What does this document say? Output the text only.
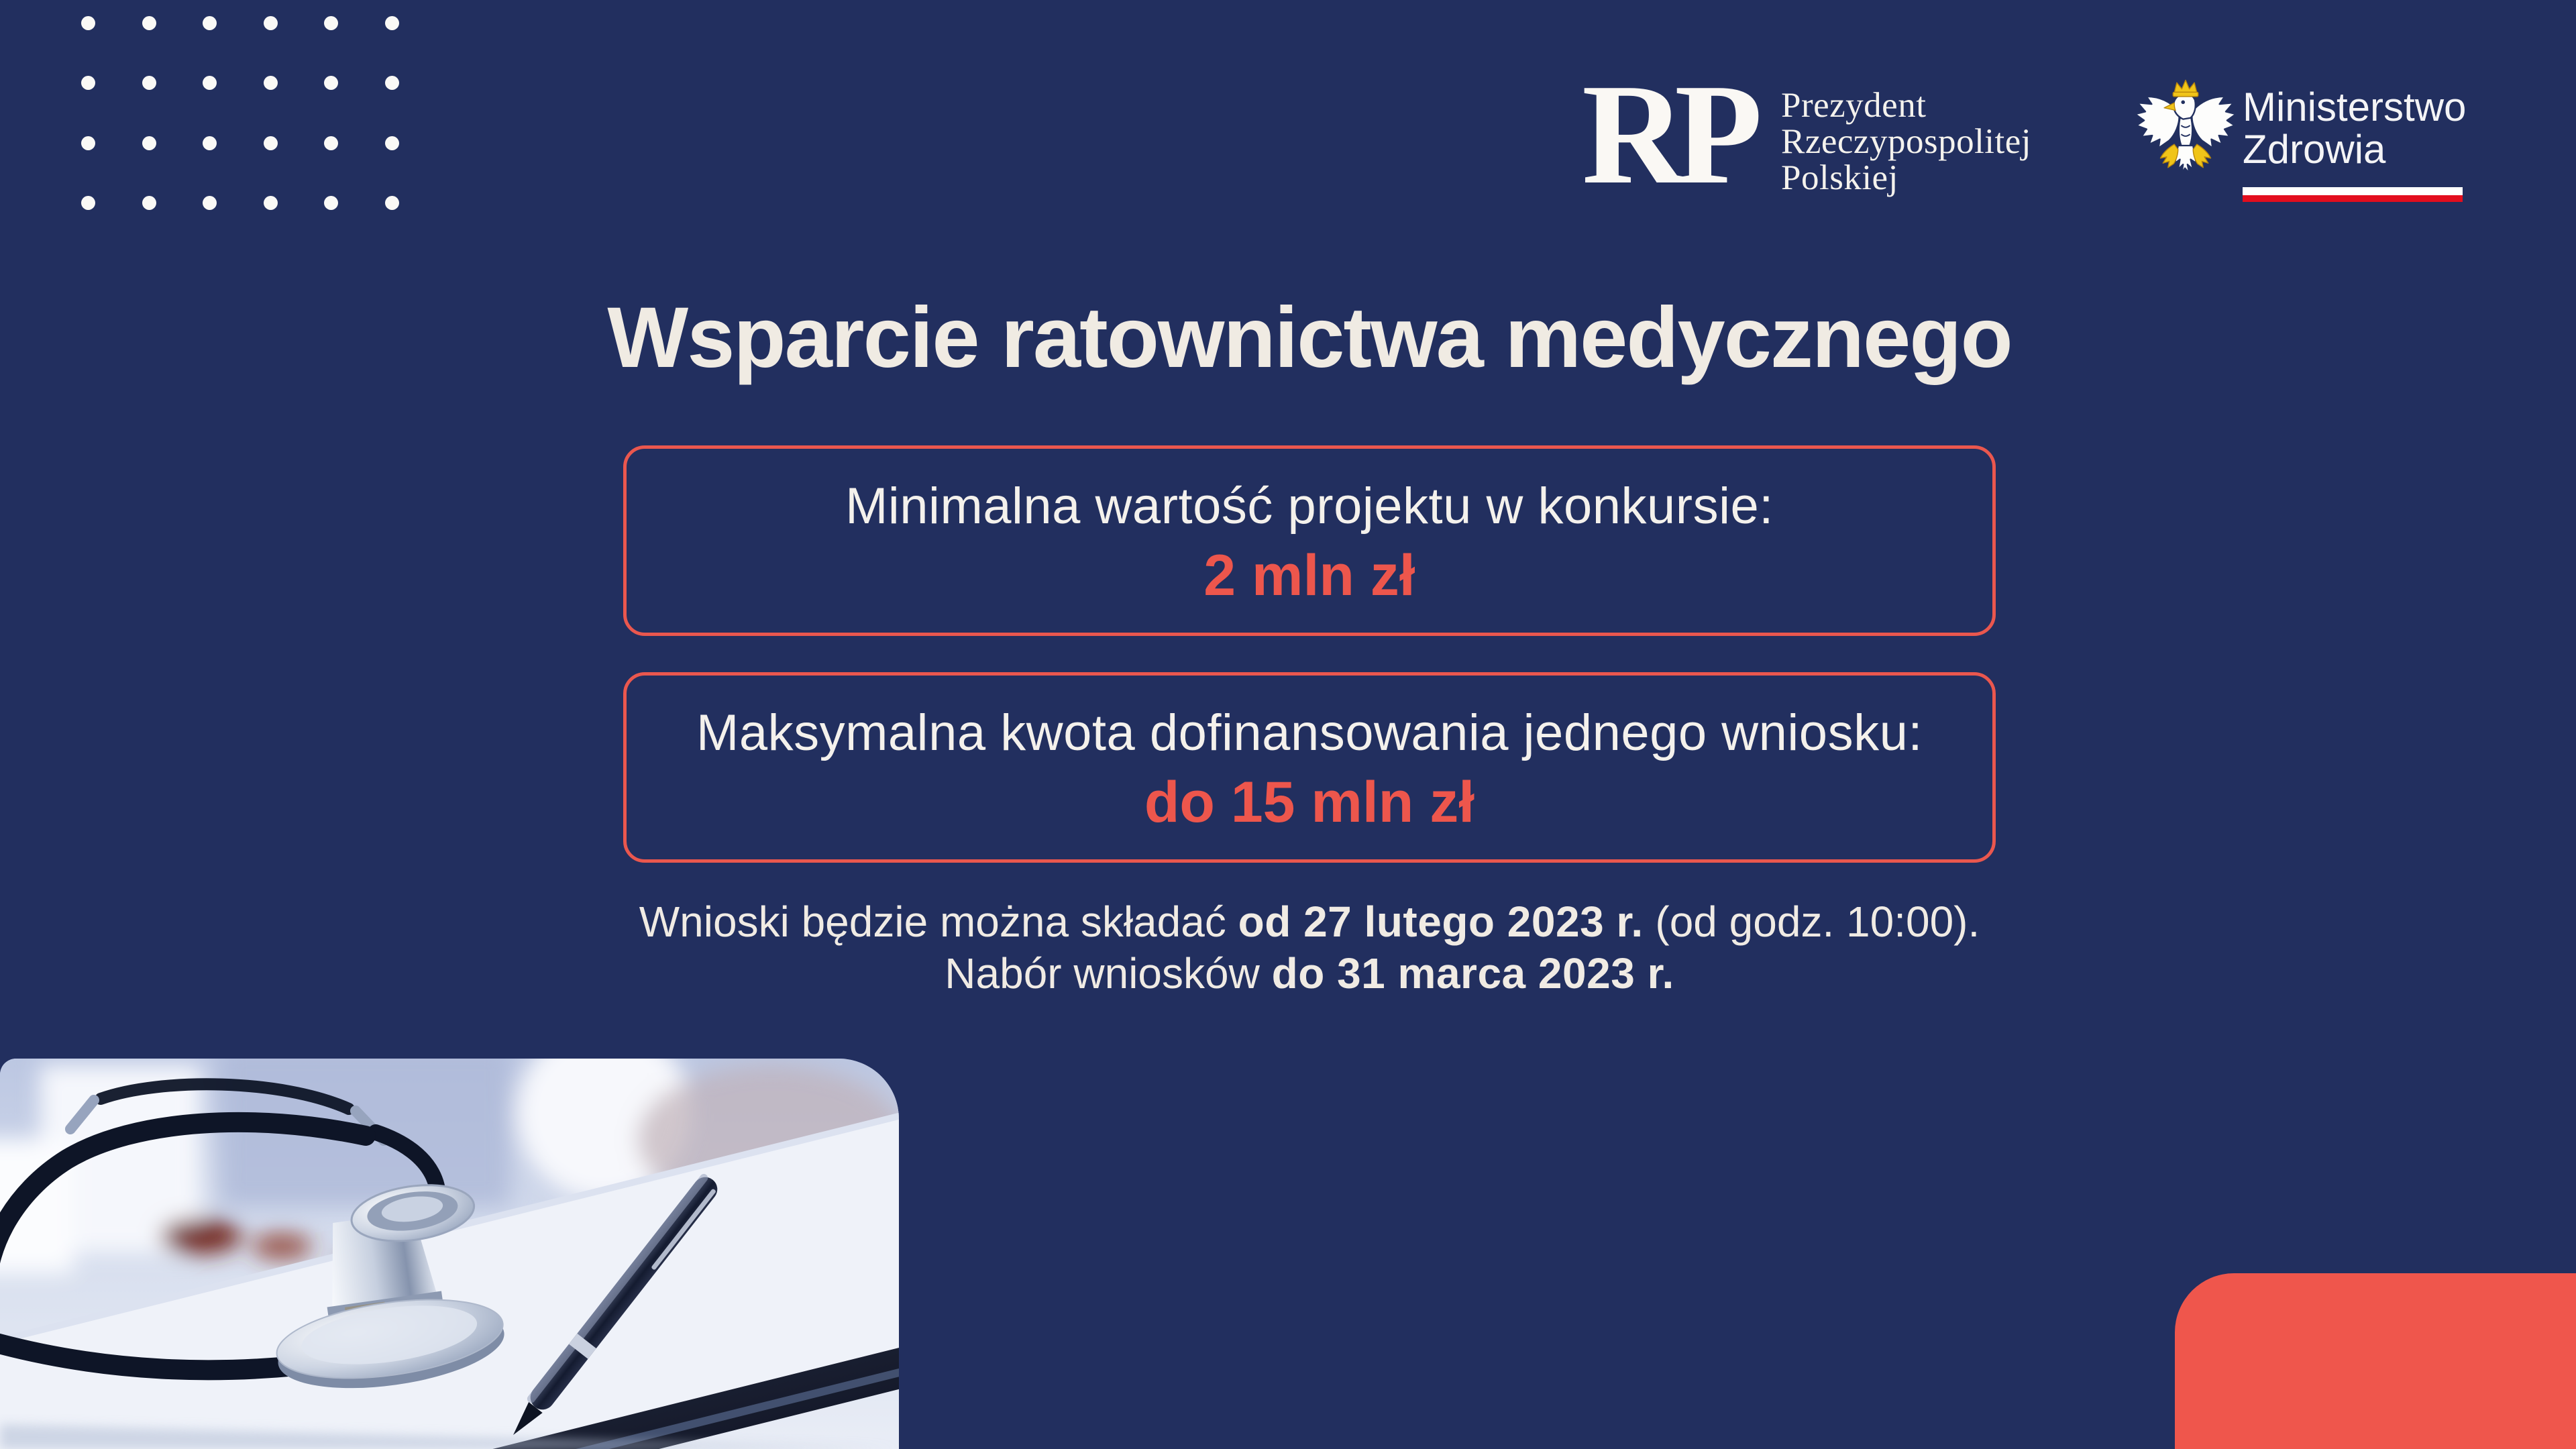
RP Prezydent
Rzeczypospolitej
Polskiej
Ministerstwo
Zdrowia
Wsparcie ratownictwa medycznego
Minimalna wartość projektu w konkursie:
2 mln zł
Maksymalna kwota dofinansowania jednego wniosku:
do 15 mln zł
Wnioski będzie można składać od 27 lutego 2023 r. (od godz. 10:00).
Nabór wniosków do 31 marca 2023 r.
